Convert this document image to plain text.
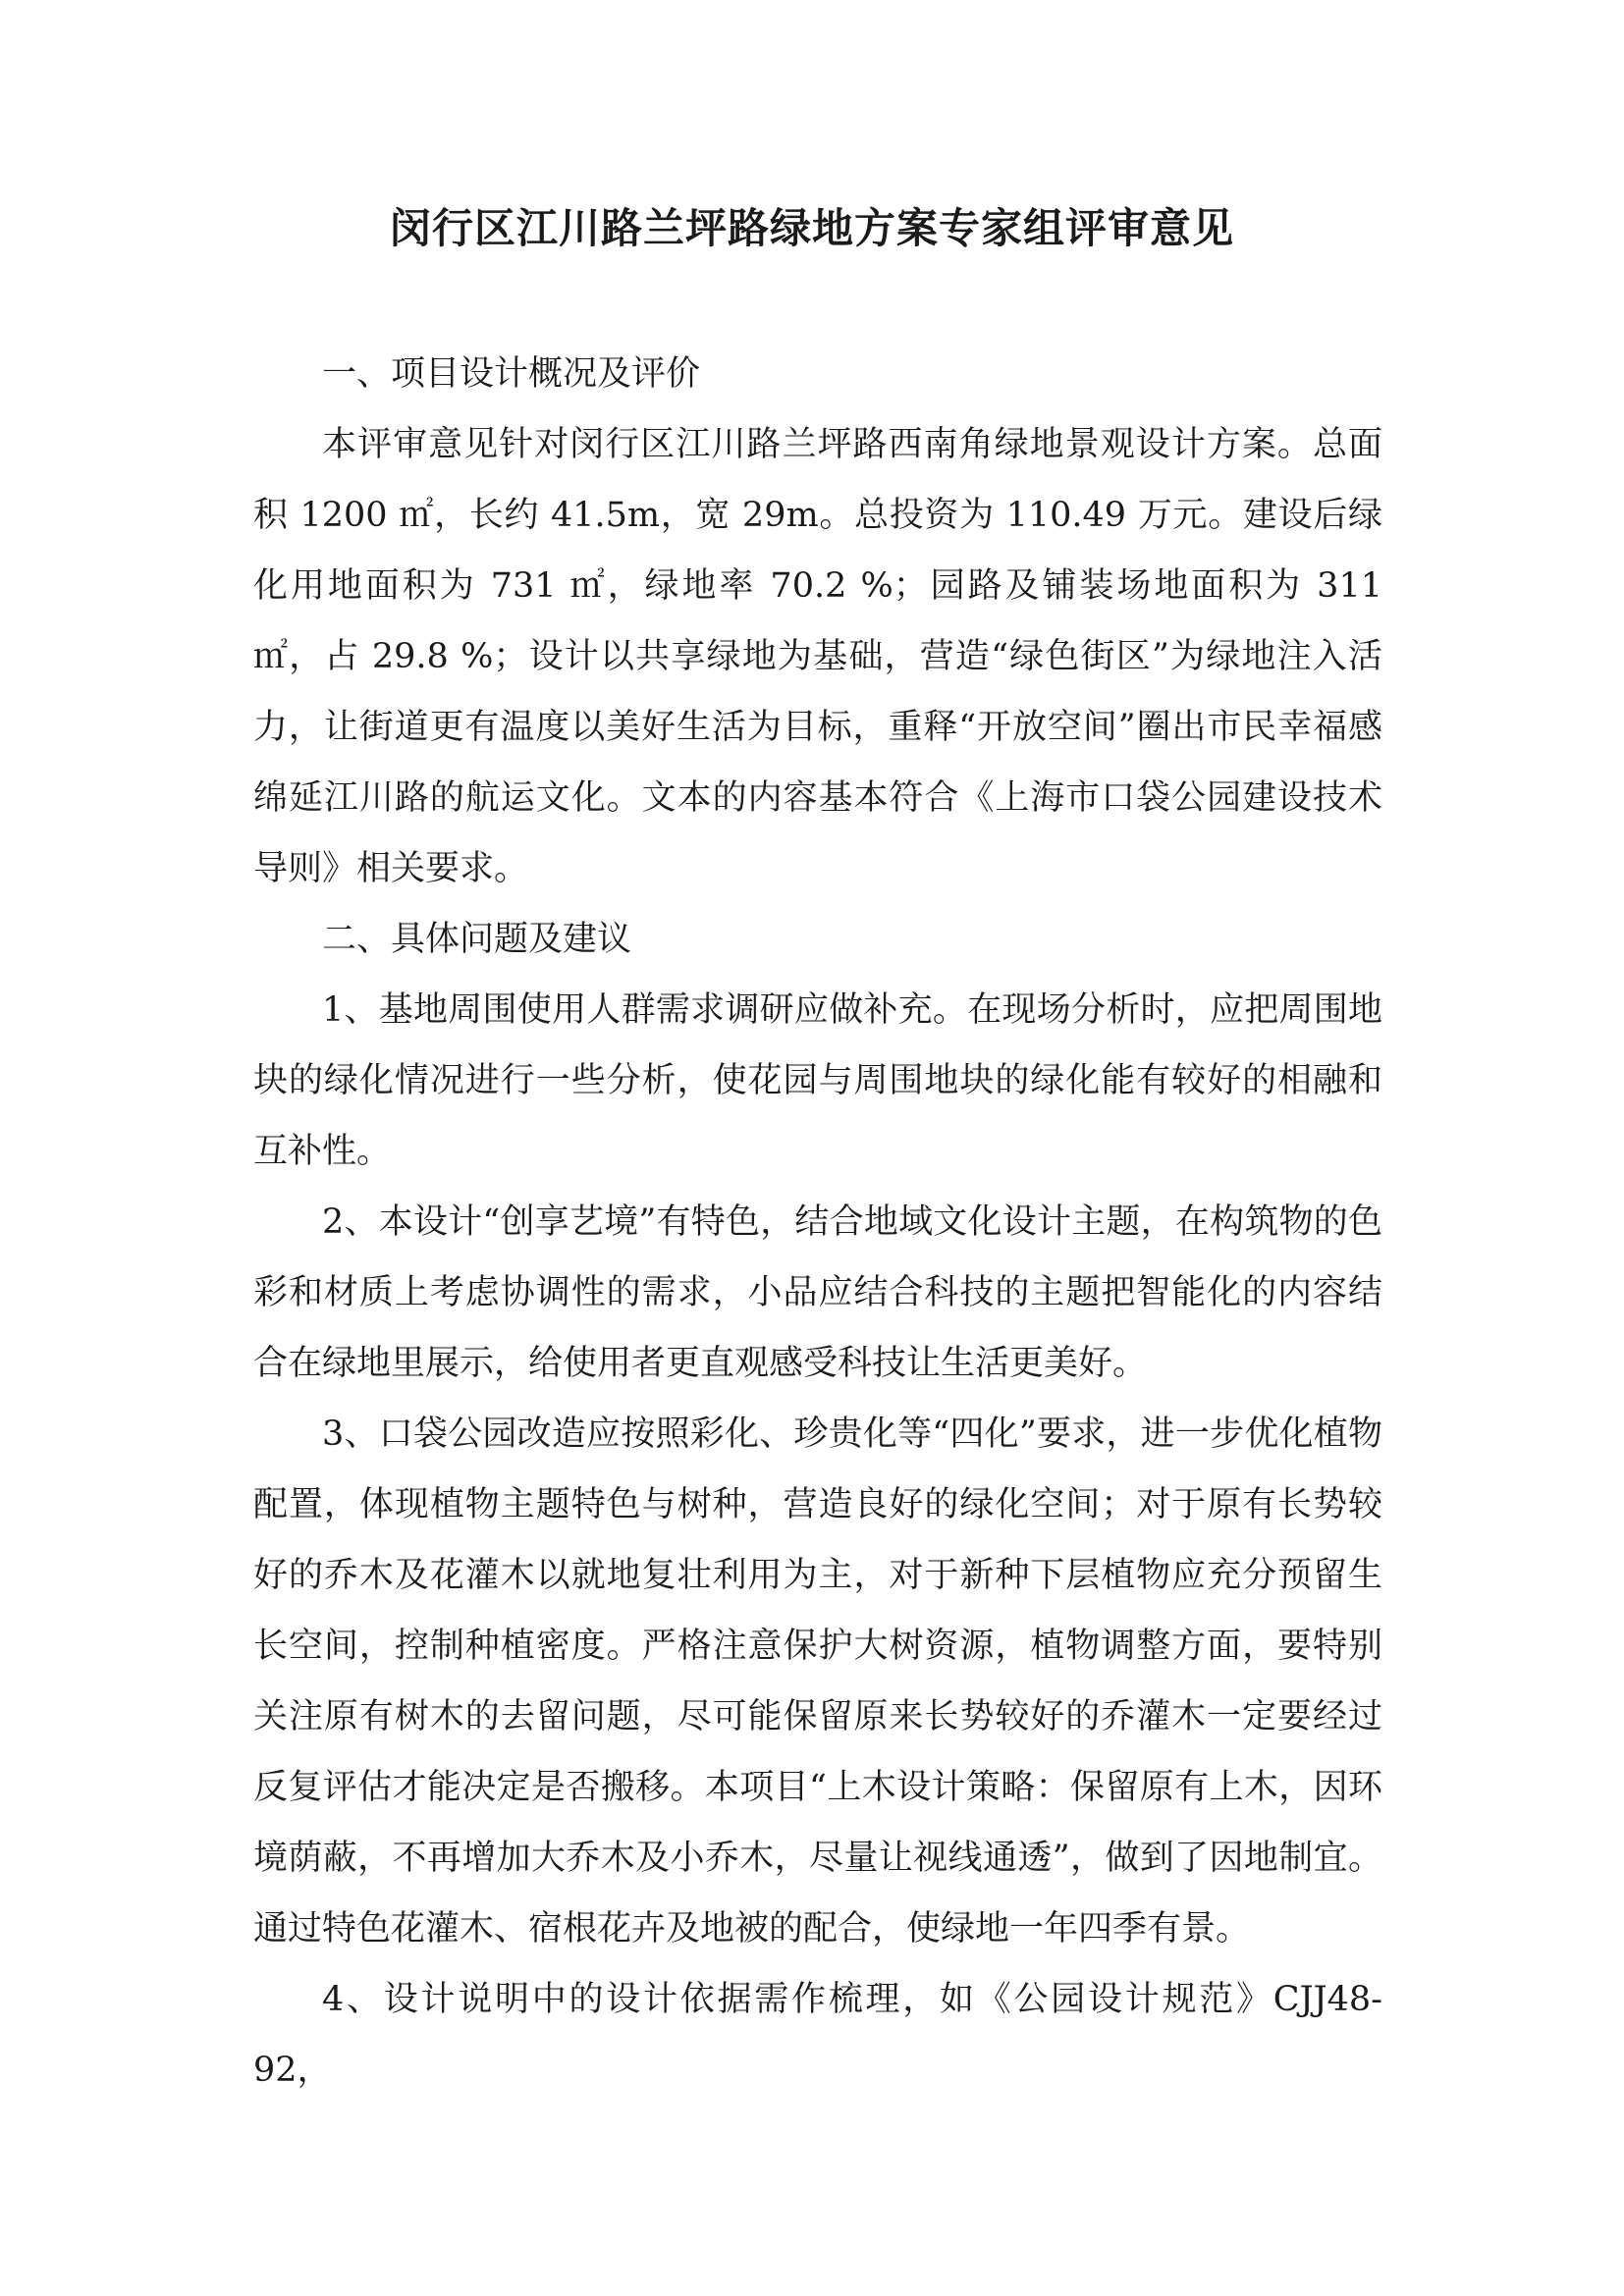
闵行区江川路兰坪路绿地方案专家组评审意见

一、项目设计概况及评价

本评审意见针对闵行区江川路兰坪路西南角绿地景观设计方案。总面积 1200 ㎡，长约 41.5m，宽 29m。总投资为 110.49 万元。建设后绿化用地面积为 731 ㎡，绿地率 70.2 %；园路及铺装场地面积为 311 ㎡，占 29.8 %；设计以共享绿地为基础，营造“绿色街区”为绿地注入活力，让街道更有温度以美好生活为目标，重释“开放空间”圈出市民幸福感绵延江川路的航运文化。文本的内容基本符合《上海市口袋公园建设技术导则》相关要求。

二、具体问题及建议

1、基地周围使用人群需求调研应做补充。在现场分析时，应把周围地块的绿化情况进行一些分析，使花园与周围地块的绿化能有较好的相融和互补性。

2、本设计“创享艺境”有特色，结合地域文化设计主题，在构筑物的色彩和材质上考虑协调性的需求，小品应结合科技的主题把智能化的内容结合在绿地里展示，给使用者更直观感受科技让生活更美好。

3、口袋公园改造应按照彩化、珍贵化等“四化”要求，进一步优化植物配置，体现植物主题特色与树种，营造良好的绿化空间；对于原有长势较好的乔木及花灌木以就地复壮利用为主，对于新种下层植物应充分预留生长空间，控制种植密度。严格注意保护大树资源，植物调整方面，要特别关注原有树木的去留问题，尽可能保留原来长势较好的乔灌木一定要经过反复评估才能决定是否搬移。本项目“上木设计策略：保留原有上木，因环境荫蔽，不再增加大乔木及小乔木，尽量让视线通透”，做到了因地制宜。通过特色花灌木、宿根花卉及地被的配合，使绿地一年四季有景。

4、设计说明中的设计依据需作梳理，如《公园设计规范》CJJ48-92，
